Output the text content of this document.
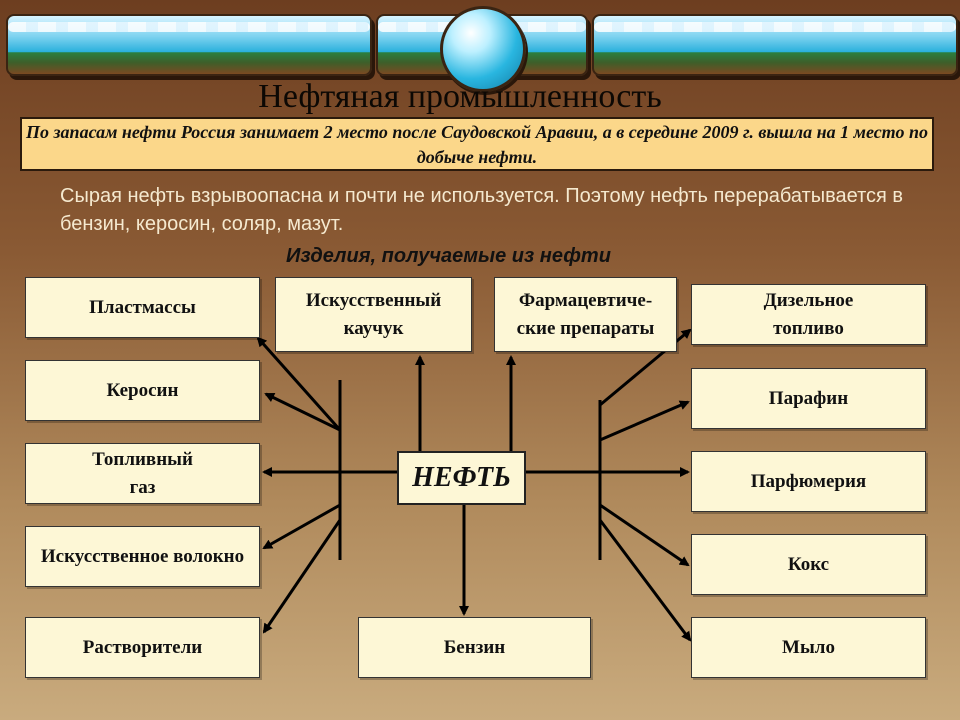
Нефтяная промышленность
По запасам нефти Россия занимает 2 место после Саудовской Аравии, а в середине 2009 г. вышла на 1 место по добыче нефти.
Сырая нефть взрывоопасна и почти не используется. Поэтому нефть перерабатывается в бензин, керосин, соляр, мазут.
Изделия, получаемые из нефти
Пластмассы
Керосин
Топливный газ
Искусственное волокно
Растворители
Искусственный каучук
Фармацевтиче- ские препараты
Дизельное топливо
Парафин
Парфюмерия
Кокс
Мыло
Бензин
НЕФТЬ
